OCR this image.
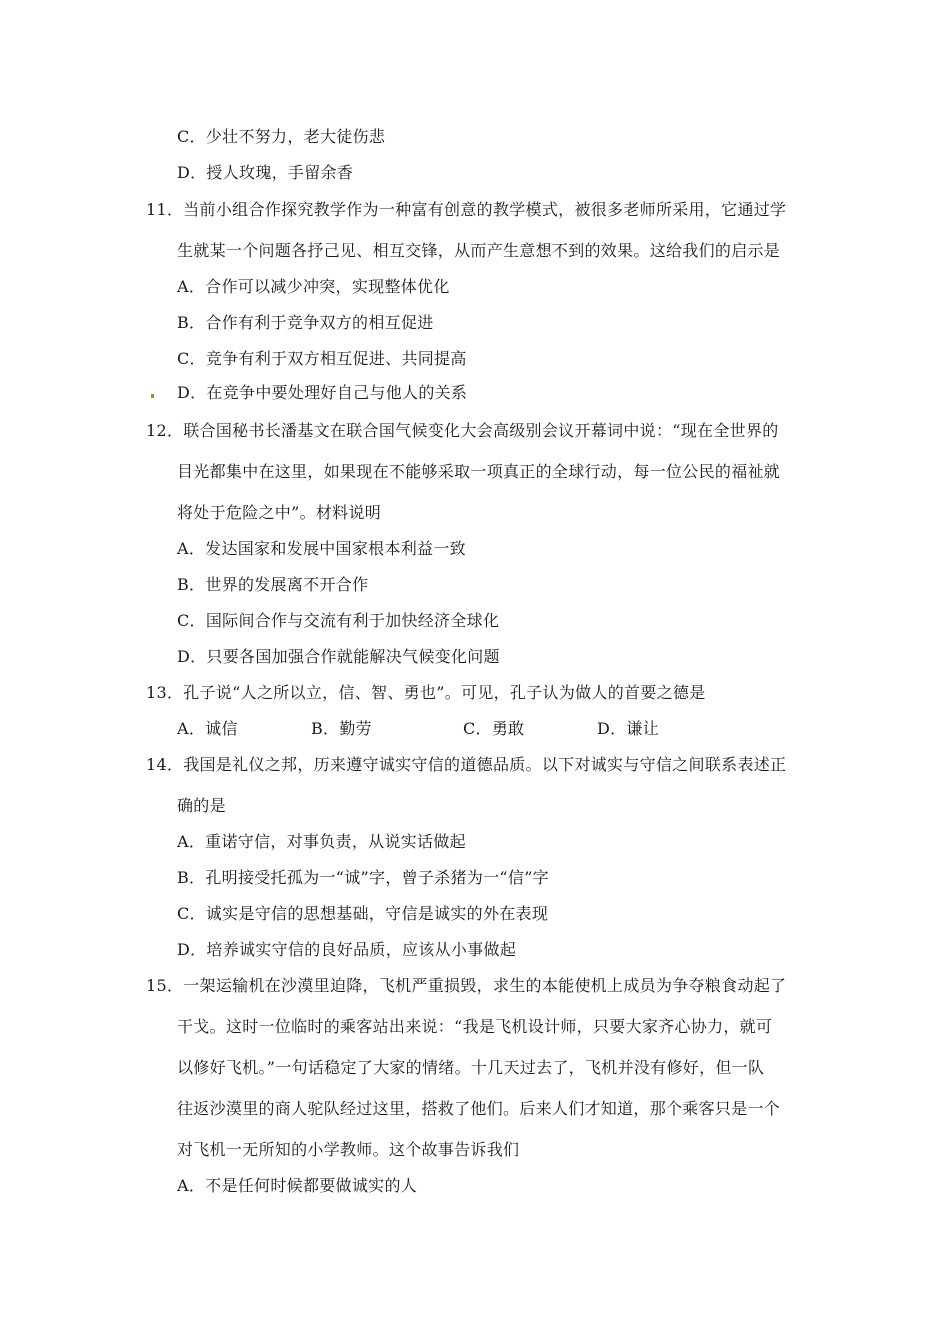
C．少壮不努力，老大徒伤悲
D．授人玫瑰，手留余香
11．当前小组合作探究教学作为一种富有创意的教学模式，被很多老师所采用，它通过学
生就某一个问题各抒己见、相互交锋，从而产生意想不到的效果。这给我们的启示是
A．合作可以减少冲突，实现整体优化
B．合作有利于竞争双方的相互促进
C．竞争有利于双方相互促进、共同提高
D．在竞争中要处理好自己与他人的关系
12．联合国秘书长潘基文在联合国气候变化大会高级别会议开幕词中说：“现在全世界的
目光都集中在这里，如果现在不能够采取一项真正的全球行动，每一位公民的福祉就
将处于危险之中”。材料说明
A．发达国家和发展中国家根本利益一致
B．世界的发展离不开合作
C．国际间合作与交流有利于加快经济全球化
D．只要各国加强合作就能解决气候变化问题
13．孔子说“人之所以立，信、智、勇也”。可见，孔子认为做人的首要之德是
A．诚信	B．勤劳	C．勇敢	D．谦让
14．我国是礼仪之邦，历来遵守诚实守信的道德品质。以下对诚实与守信之间联系表述正
确的是
A．重诺守信，对事负责，从说实话做起
B．孔明接受托孤为一“诚”字，曾子杀猪为一“信”字
C．诚实是守信的思想基础，守信是诚实的外在表现
D．培养诚实守信的良好品质，应该从小事做起
15．一架运输机在沙漠里迫降，飞机严重损毁，求生的本能使机上成员为争夺粮食动起了
干戈。这时一位临时的乘客站出来说：“我是飞机设计师，只要大家齐心协力，就可
以修好飞机。”一句话稳定了大家的情绪。十几天过去了，飞机并没有修好，但一队
往返沙漠里的商人驼队经过这里，搭救了他们。后来人们才知道，那个乘客只是一个
对飞机一无所知的小学教师。这个故事告诉我们
A．不是任何时候都要做诚实的人
